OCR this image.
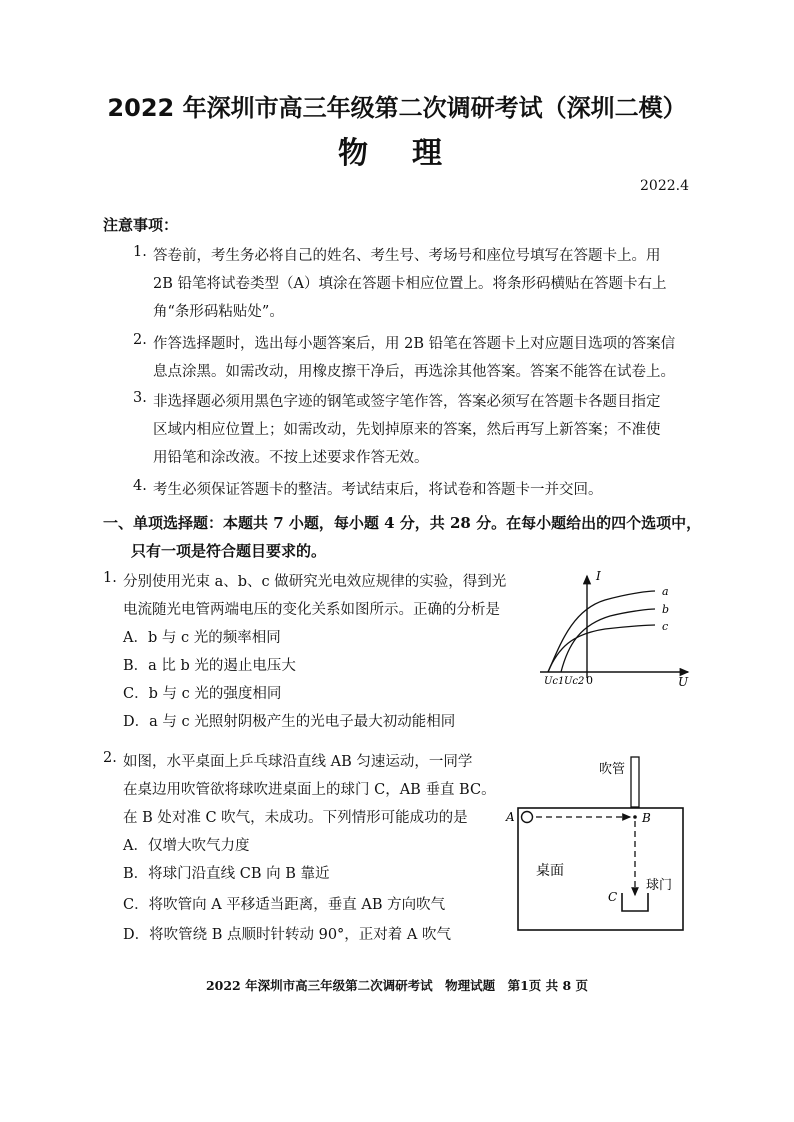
2022 年深圳市高三年级第二次调研考试（深圳二模）
物理
2022.4
注意事项：
1. 答卷前，考生务必将自己的姓名、考生号、考场号和座位号填写在答题卡上。用
2B 铅笔将试卷类型（A）填涂在答题卡相应位置上。将条形码横贴在答题卡右上
角“条形码粘贴处”。
2. 作答选择题时，选出每小题答案后，用 2B 铅笔在答题卡上对应题目选项的答案信
息点涂黑。如需改动，用橡皮擦干净后，再选涂其他答案。答案不能答在试卷上。
3. 非选择题必须用黑色字迹的钢笔或签字笔作答，答案必须写在答题卡各题目指定
区域内相应位置上；如需改动，先划掉原来的答案，然后再写上新答案；不准使
用铅笔和涂改液。不按上述要求作答无效。
4. 考生必须保证答题卡的整洁。考试结束后，将试卷和答题卡一并交回。
一、单项选择题：本题共 7 小题，每小题 4 分，共 28 分。在每小题给出的四个选项中，
只有一项是符合题目要求的。
1. 分别使用光束 a、b、c 做研究光电效应规律的实验，得到光
电流随光电管两端电压的变化关系如图所示。正确的分析是
A．b 与 c 光的频率相同
B．a 比 b 光的遏止电压大
C．b 与 c 光的强度相同
D．a 与 c 光照射阴极产生的光电子最大初动能相同
I
U
0
Uc1 Uc2
a
b
c
2. 如图，水平桌面上乒乓球沿直线 AB 匀速运动，一同学
在桌边用吹管欲将球吹进桌面上的球门 C，AB 垂直 BC。
在 B 处对准 C 吹气，未成功。下列情形可能成功的是
A．仅增大吹气力度
B．将球门沿直线 CB 向 B 靠近
C．将吹管向 A 平移适当距离，垂直 AB 方向吹气
D．将吹管绕 B 点顺时针转动 90°，正对着 A 吹气
吹管
A	B
C
桌面
球门
2022 年深圳市高三年级第二次调研考试　物理试题　第1页 共 8 页
